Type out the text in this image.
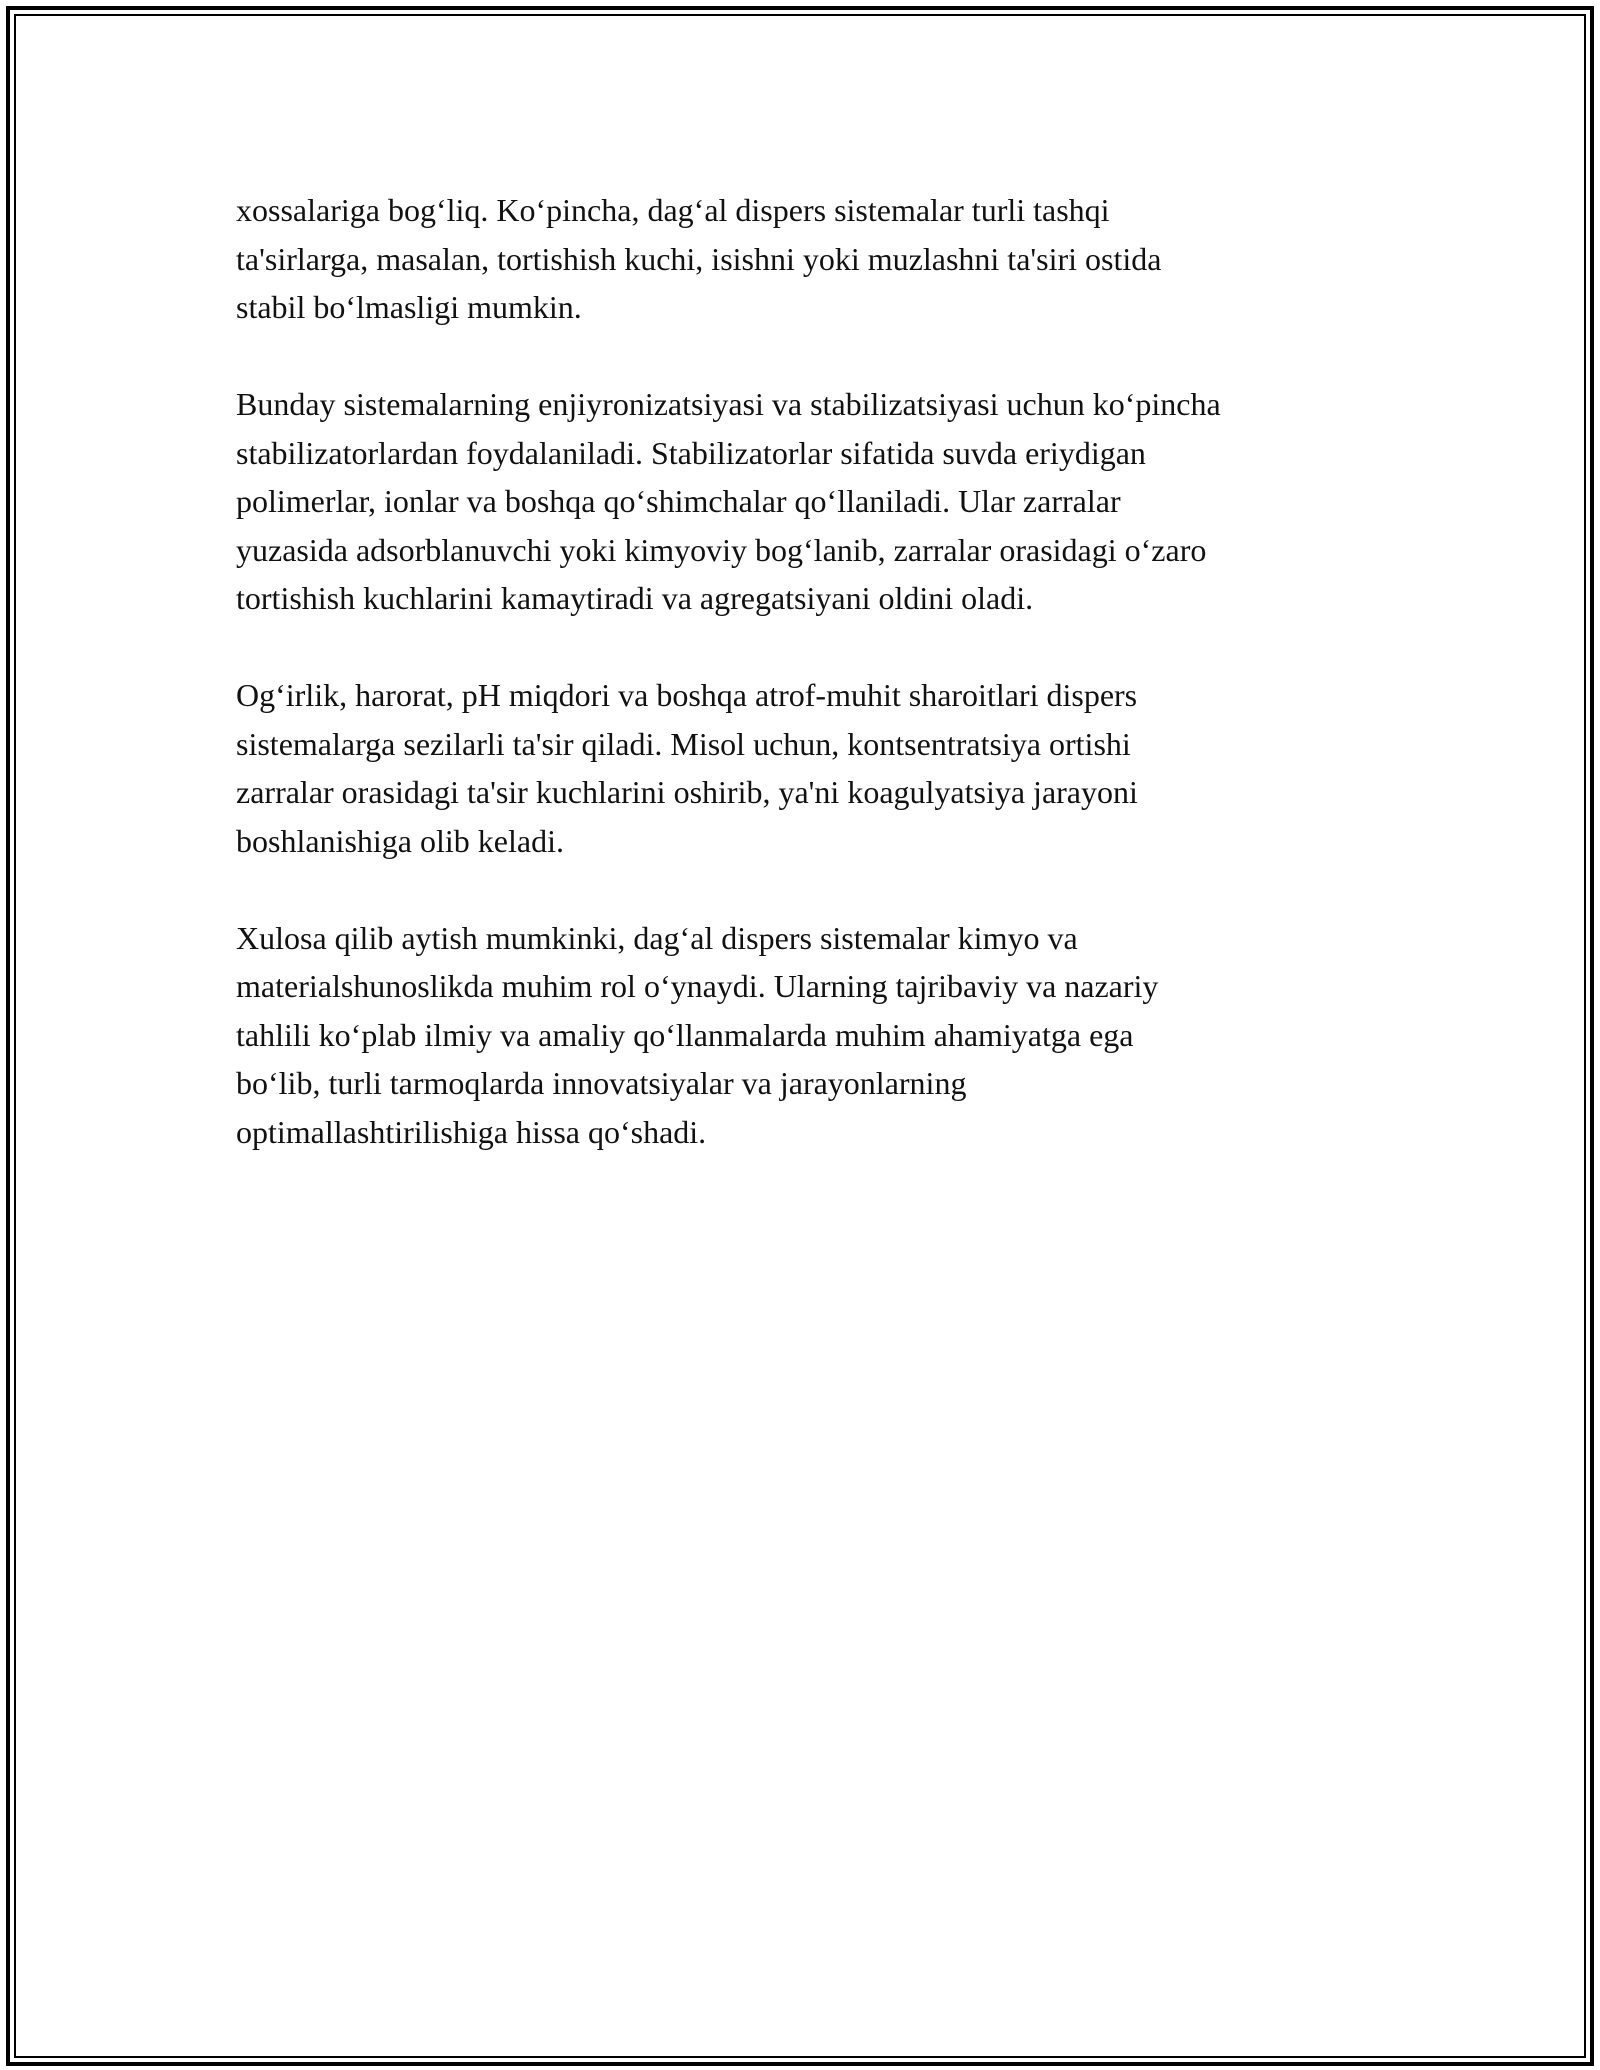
xossalariga bog‘liq. Ko‘pincha, dag‘al dispers sistemalar turli tashqi
ta'sirlarga, masalan, tortishish kuchi, isishni yoki muzlashni ta'siri ostida
stabil bo‘lmasligi mumkin.

Bunday sistemalarning enjiyronizatsiyasi va stabilizatsiyasi uchun ko‘pincha
stabilizatorlardan foydalaniladi. Stabilizatorlar sifatida suvda eriydigan
polimerlar, ionlar va boshqa qo‘shimchalar qo‘llaniladi. Ular zarralar
yuzasida adsorblanuvchi yoki kimyoviy bog‘lanib, zarralar orasidagi o‘zaro
tortishish kuchlarini kamaytiradi va agregatsiyani oldini oladi.

Og‘irlik, harorat, pH miqdori va boshqa atrof-muhit sharoitlari dispers
sistemalarga sezilarli ta'sir qiladi. Misol uchun, kontsentratsiya ortishi
zarralar orasidagi ta'sir kuchlarini oshirib, ya'ni koagulyatsiya jarayoni
boshlanishiga olib keladi.

Xulosa qilib aytish mumkinki, dag‘al dispers sistemalar kimyo va
materialshunoslikda muhim rol o‘ynaydi. Ularning tajribaviy va nazariy
tahlili ko‘plab ilmiy va amaliy qo‘llanmalarda muhim ahamiyatga ega
bo‘lib, turli tarmoqlarda innovatsiyalar va jarayonlarning
optimallashtirilishiga hissa qo‘shadi.
